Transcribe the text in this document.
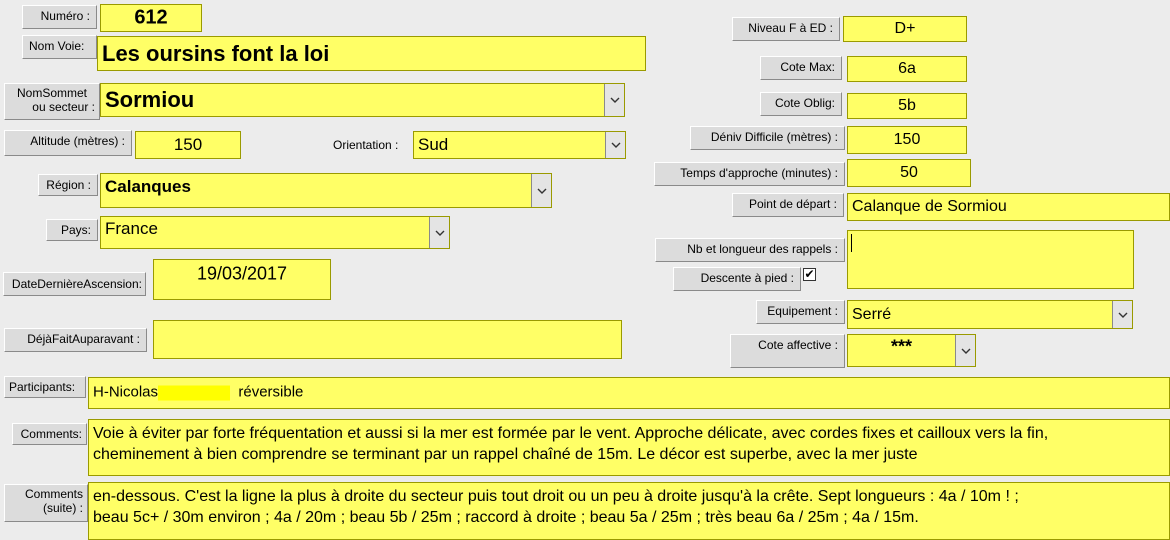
Numéro :	612
Nom Voie: Les oursins font la loi
NomSommet
ou secteur : Sormiou
Altitude (mètres) :	150	Orientation : Sud
Région : Calanques
Pays: France
DateDernièreAscension:
19/03/2017
DéjàFaitAuparavant :
Niveau F à ED :	D+
Cote Max:	6a
Cote Oblig:	5b
Déniv Difficile (mètres) :	150
Temps d'approche (minutes) :	50
Point de départ : Calanque de Sormiou
Nb et longueur des rappels :
Descente à pied : ✔
Equipement : Serré
Cote affective :	***
Participants:	H-Nicolas	réversible
Comments: Voie à éviter par forte fréquentation et aussi si la mer est formée par le vent. Approche délicate, avec cordes fixes et cailloux vers la fin,
cheminement à bien comprendre se terminant par un rappel chaîné de 15m. Le décor est superbe, avec la mer juste
Comments
(suite) :
en-dessous. C'est la ligne la plus à droite du secteur puis tout droit ou un peu à droite jusqu'à la crête. Sept longueurs : 4a / 10m ! ;
beau 5c+ / 30m environ ; 4a / 20m ; beau 5b / 25m ; raccord à droite ; beau 5a / 25m ; très beau 6a / 25m ; 4a / 15m.
